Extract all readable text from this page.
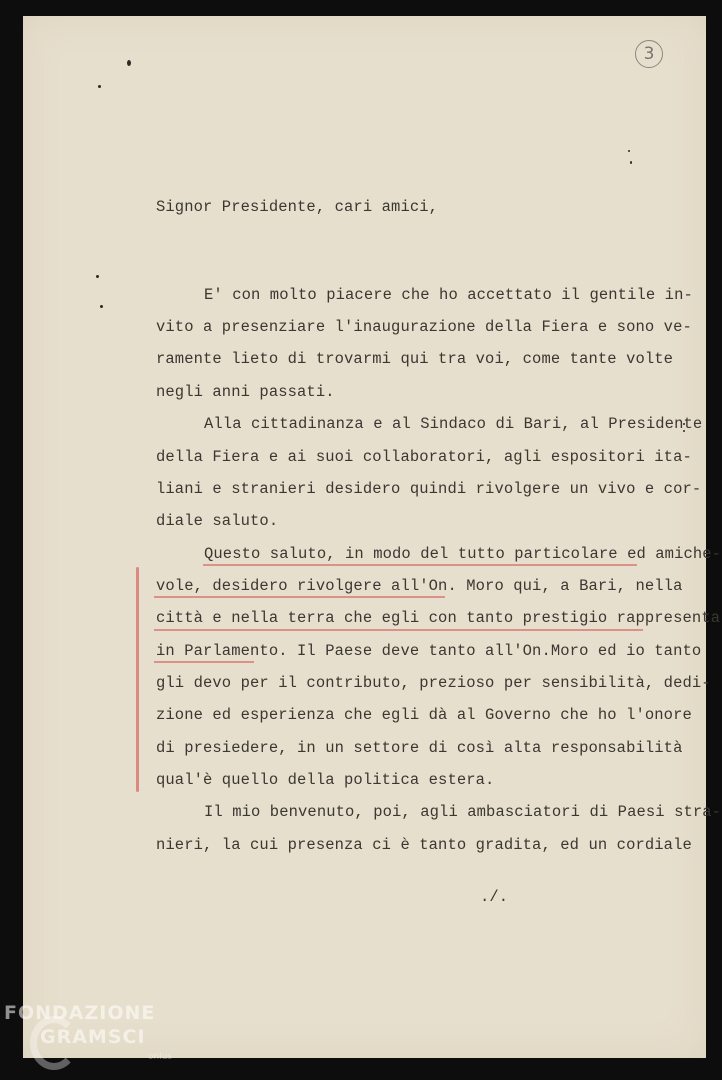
3
Signor Presidente, cari amici,
E' con molto piacere che ho accettato il gentile in-
vito a presenziare l'inaugurazione della Fiera e sono ve-
ramente lieto di trovarmi qui tra voi, come tante volte
negli anni passati.
Alla cittadinanza e al Sindaco di Bari, al Presidente
della Fiera e ai suoi collaboratori, agli espositori ita-
liani e stranieri desidero quindi rivolgere un vivo e cor-
diale saluto.
Questo saluto, in modo del tutto particolare ed amiche-
vole, desidero rivolgere all'On. Moro qui, a Bari, nella
città e nella terra che egli con tanto prestigio rappresenta
in Parlamento. Il Paese deve tanto all'On.Moro ed io tanto
gli devo per il contributo, prezioso per sensibilità, dedi-
zione ed esperienza che egli dà al Governo che ho l'onore
di presiedere, in un settore di così alta responsabilità
qual'è quello della politica estera.
Il mio benvenuto, poi, agli ambasciatori di Paesi stra-
nieri, la cui presenza ci è tanto gradita, ed un cordiale
./.
FONDAZIONE
GRAMSCI
onlus
